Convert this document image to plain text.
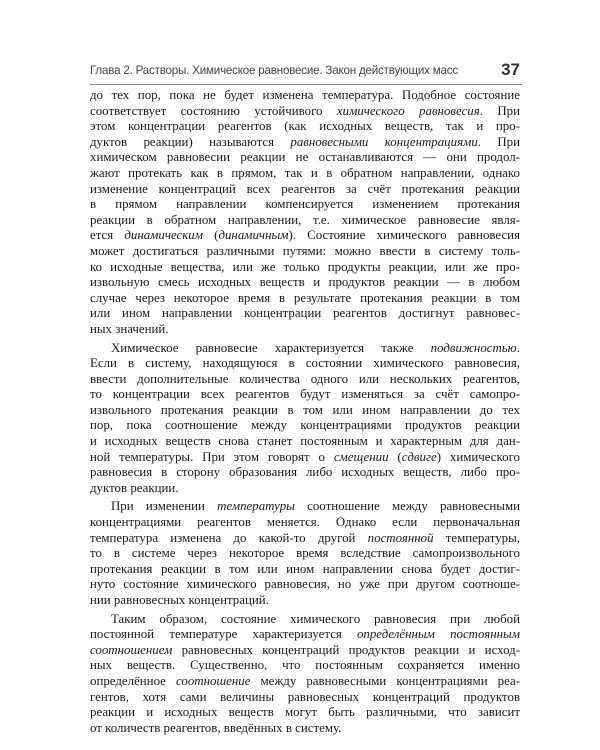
Глава 2. Растворы. Химическое равновесие. Закон действующих масс	37

до тех пор, пока не будет изменена температура. Подобное состояние
соответствует состоянию устойчивого химического равновесия. При
этом концентрации реагентов (как исходных веществ, так и про-
дуктов реакции) называются равновесными концентрациями. При
химическом равновесии реакции не останавливаются — они продол-
жают протекать как в прямом, так и в обратном направлении, однако
изменение концентраций всех реагентов за счёт протекания реакции
в прямом направлении компенсируется изменением протекания
реакции в обратном направлении, т.е. химическое равновесие явля-
ется динамическим (динамичным). Состояние химического равновесия
может достигаться различными путями: можно ввести в систему толь-
ко исходные вещества, или же только продукты реакции, или же про-
извольную смесь исходных веществ и продуктов реакции — в любом
случае через некоторое время в результате протекания реакции в том
или ином направлении концентрации реагентов достигнут равновес-
ных значений.

Химическое равновесие характеризуется также подвижностью.
Если в систему, находящуюся в состоянии химического равновесия,
ввести дополнительные количества одного или нескольких реагентов,
то концентрации всех реагентов будут изменяться за счёт самопро-
извольного протекания реакции в том или ином направлении до тех
пор, пока соотношение между концентрациями продуктов реакции
и исходных веществ снова станет постоянным и характерным для дан-
ной температуры. При этом говорят о смещении (сдвиге) химического
равновесия в сторону образования либо исходных веществ, либо про-
дуктов реакции.

При изменении температуры соотношение между равновесными
концентрациями реагентов меняется. Однако если первоначальная
температура изменена до какой-то другой постоянной температуры,
то в системе через некоторое время вследствие самопроизвольного
протекания реакции в том или ином направлении снова будет достиг-
нуто состояние химического равновесия, но уже при другом соотноше-
нии равновесных концентраций.

Таким образом, состояние химического равновесия при любой
постоянной температуре характеризуется определённым постоянным
соотношением равновесных концентраций продуктов реакции и исход-
ных веществ. Существенно, что постоянным сохраняется именно
определённое соотношение между равновесными концентрациями реа-
гентов, хотя сами величины равновесных концентраций продуктов
реакции и исходных веществ могут быть различными, что зависит
от количеств реагентов, введённых в систему.
